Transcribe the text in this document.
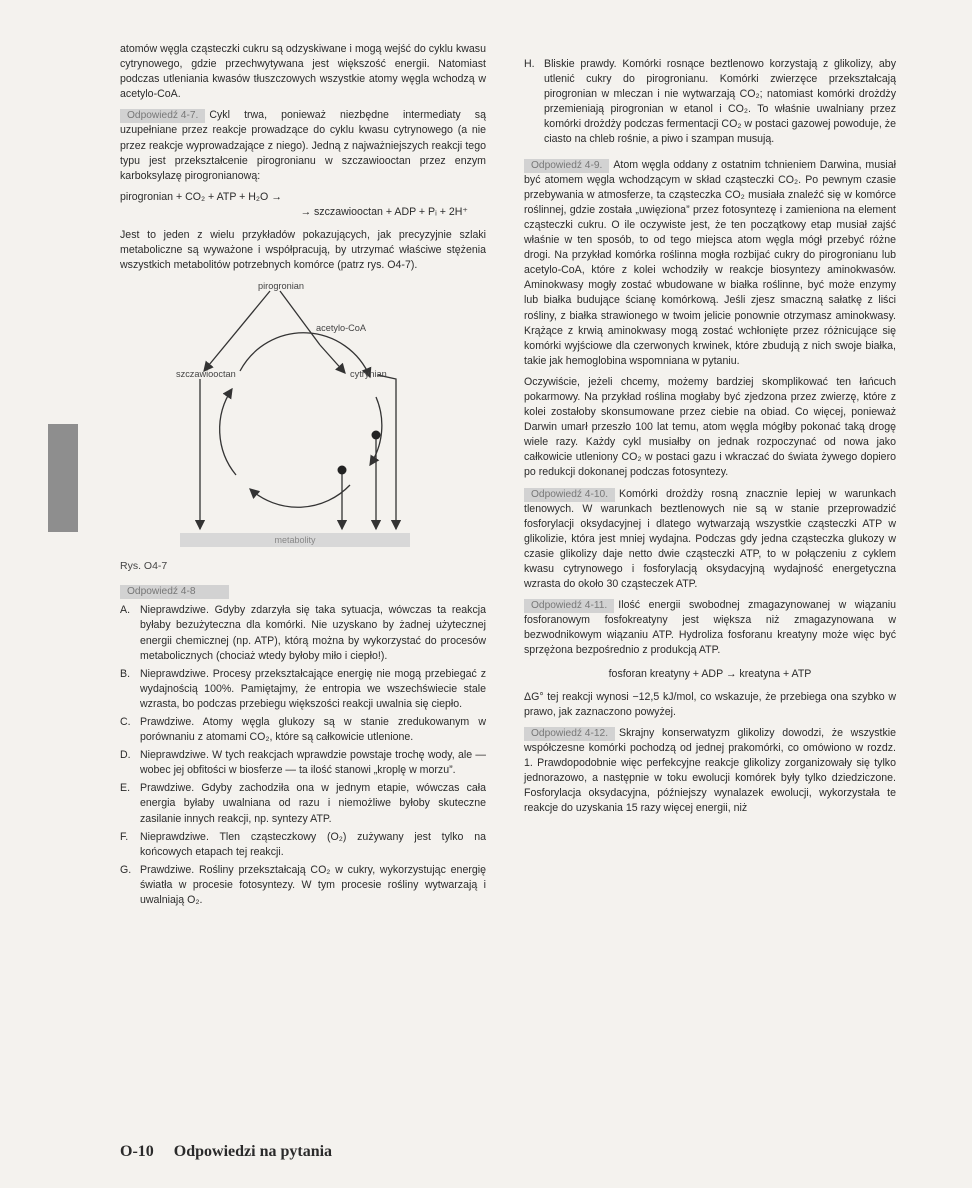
atomów węgla cząsteczki cukru są odzyskiwane i mogą wejść do cyklu kwasu cytrynowego, gdzie przechwytywana jest większość energii. Natomiast podczas utleniania kwasów tłuszczowych wszystkie atomy węgla wchodzą w acetylo-CoA.

Odpowiedź 4-7. Cykl trwa, ponieważ niezbędne intermediaty są uzupełniane przez reakcje prowadzące do cyklu kwasu cytrynowego (a nie przez reakcje wyprowadzające z niego). Jedną z najważniejszych reakcji tego typu jest przekształcenie pirogronianu w szczawiooctan przez enzym karboksylazę pirogronianową:

pirogronian + CO₂ + ATP + H₂O →
→ szczawiooctan + ADP + Pᵢ + 2H⁺

Jest to jeden z wielu przykładów pokazujących, jak precyzyjnie szlaki metaboliczne są wyważone i współpracują, by utrzymać właściwe stężenia wszystkich metabolitów potrzebnych komórce (patrz rys. O4-7).

pirogronian
acetylo-CoA
szczawiooctan	cytrynian
metabolity
Rys. O4-7
Odpowiedź 4-8
A. Nieprawdziwe. Gdyby zdarzyła się taka sytuacja, wówczas ta reakcja byłaby bezużyteczna dla komórki. Nie uzyskano by żadnej użytecznej energii chemicznej (np. ATP), którą można by wykorzystać do procesów metabolicznych (chociaż wtedy byłoby miło i ciepło!).
B. Nieprawdziwe. Procesy przekształcające energię nie mogą przebiegać z wydajnością 100%. Pamiętajmy, że entropia we wszechświecie stale wzrasta, bo podczas przebiegu większości reakcji uwalnia się ciepło.
C. Prawdziwe. Atomy węgla glukozy są w stanie zredukowanym w porównaniu z atomami CO₂, które są całkowicie utlenione.
D. Nieprawdziwe. W tych reakcjach wprawdzie powstaje trochę wody, ale — wobec jej obfitości w biosferze — ta ilość stanowi „kroplę w morzu”.
E. Prawdziwe. Gdyby zachodziła ona w jednym etapie, wówczas cała energia byłaby uwalniana od razu i niemożliwe byłoby skuteczne zasilanie innych reakcji, np. syntezy ATP.
F. Nieprawdziwe. Tlen cząsteczkowy (O₂) zużywany jest tylko na końcowych etapach tej reakcji.
G. Prawdziwe. Rośliny przekształcają CO₂ w cukry, wykorzystując energię światła w procesie fotosyntezy. W tym procesie rośliny wytwarzają i uwalniają O₂.
H. Bliskie prawdy. Komórki rosnące beztlenowo korzystają z glikolizy, aby utlenić cukry do pirogronianu. Komórki zwierzęce przekształcają pirogronian w mleczan i nie wytwarzają CO₂; natomiast komórki drożdży przemieniają pirogronian w etanol i CO₂. To właśnie uwalniany przez komórki drożdży podczas fermentacji CO₂ w postaci gazowej powoduje, że ciasto na chleb rośnie, a piwo i szampan musują.

Odpowiedź 4-9. Atom węgla oddany z ostatnim tchnieniem Darwina, musiał być atomem węgla wchodzącym w skład cząsteczki CO₂. Po pewnym czasie przebywania w atmosferze, ta cząsteczka CO₂ musiała znaleźć się w komórce roślinnej, gdzie została „uwięziona” przez fotosyntezę i zamieniona na element cząsteczki cukru. O ile oczywiste jest, że ten początkowy etap musiał zajść właśnie w ten sposób, to od tego miejsca atom węgla mógł przebyć różne drogi. Na przykład komórka roślinna mogła rozbijać cukry do pirogronianu lub acetylo-CoA, które z kolei wchodziły w reakcje biosyntezy aminokwasów. Aminokwasy mogły zostać wbudowane w białka roślinne, być może enzymy lub białka budujące ścianę komórkową. Jeśli zjesz smaczną sałatkę z liści rośliny, z białka strawionego w twoim jelicie ponownie otrzymasz aminokwasy. Krążące z krwią aminokwasy mogą zostać wchłonięte przez różnicujące się komórki wyjściowe dla czerwonych krwinek, które zbudują z nich swoje białka, takie jak hemoglobina wspomniana w pytaniu.

Oczywiście, jeżeli chcemy, możemy bardziej skomplikować ten łańcuch pokarmowy. Na przykład roślina mogłaby być zjedzona przez zwierzę, które z kolei zostałoby skonsumowane przez ciebie na obiad. Co więcej, ponieważ Darwin umarł przeszło 100 lat temu, atom węgla mógłby pokonać taką drogę wiele razy. Każdy cykl musiałby on jednak rozpoczynać od nowa jako całkowicie utleniony CO₂ w postaci gazu i wkraczać do świata żywego dopiero po redukcji dokonanej podczas fotosyntezy.

Odpowiedź 4-10. Komórki drożdży rosną znacznie lepiej w warunkach tlenowych. W warunkach beztlenowych nie są w stanie przeprowadzić fosforylacji oksydacyjnej i dlatego wytwarzają wszystkie cząsteczki ATP w glikolizie, która jest mniej wydajna. Podczas gdy jedna cząsteczka glukozy w czasie glikolizy daje netto dwie cząsteczki ATP, to w połączeniu z cyklem kwasu cytrynowego i fosforylacją oksydacyjną wydajność energetyczna wzrasta do około 30 cząsteczek ATP.

Odpowiedź 4-11. Ilość energii swobodnej zmagazynowanej w wiązaniu fosforanowym fosfokreatyny jest większa niż zmagazynowana w bezwodnikowym wiązaniu ATP. Hydroliza fosforanu kreatyny może więc być sprzężona bezpośrednio z produkcją ATP.

fosforan kreatyny + ADP → kreatyna + ATP

ΔG° tej reakcji wynosi −12,5 kJ/mol, co wskazuje, że przebiega ona szybko w prawo, jak zaznaczono powyżej.

Odpowiedź 4-12. Skrajny konserwatyzm glikolizy dowodzi, że wszystkie współczesne komórki pochodzą od jednej prakomórki, co omówiono w rozdz. 1. Prawdopodobnie więc perfekcyjne reakcje glikolizy zorganizowały się tylko jednorazowo, a następnie w toku ewolucji komórek były tylko dziedziczone. Fosforylacja oksydacyjna, późniejszy wynalazek ewolucji, wykorzystała te reakcje do uzyskania 15 razy więcej energii, niż

O-10 Odpowiedzi na pytania
